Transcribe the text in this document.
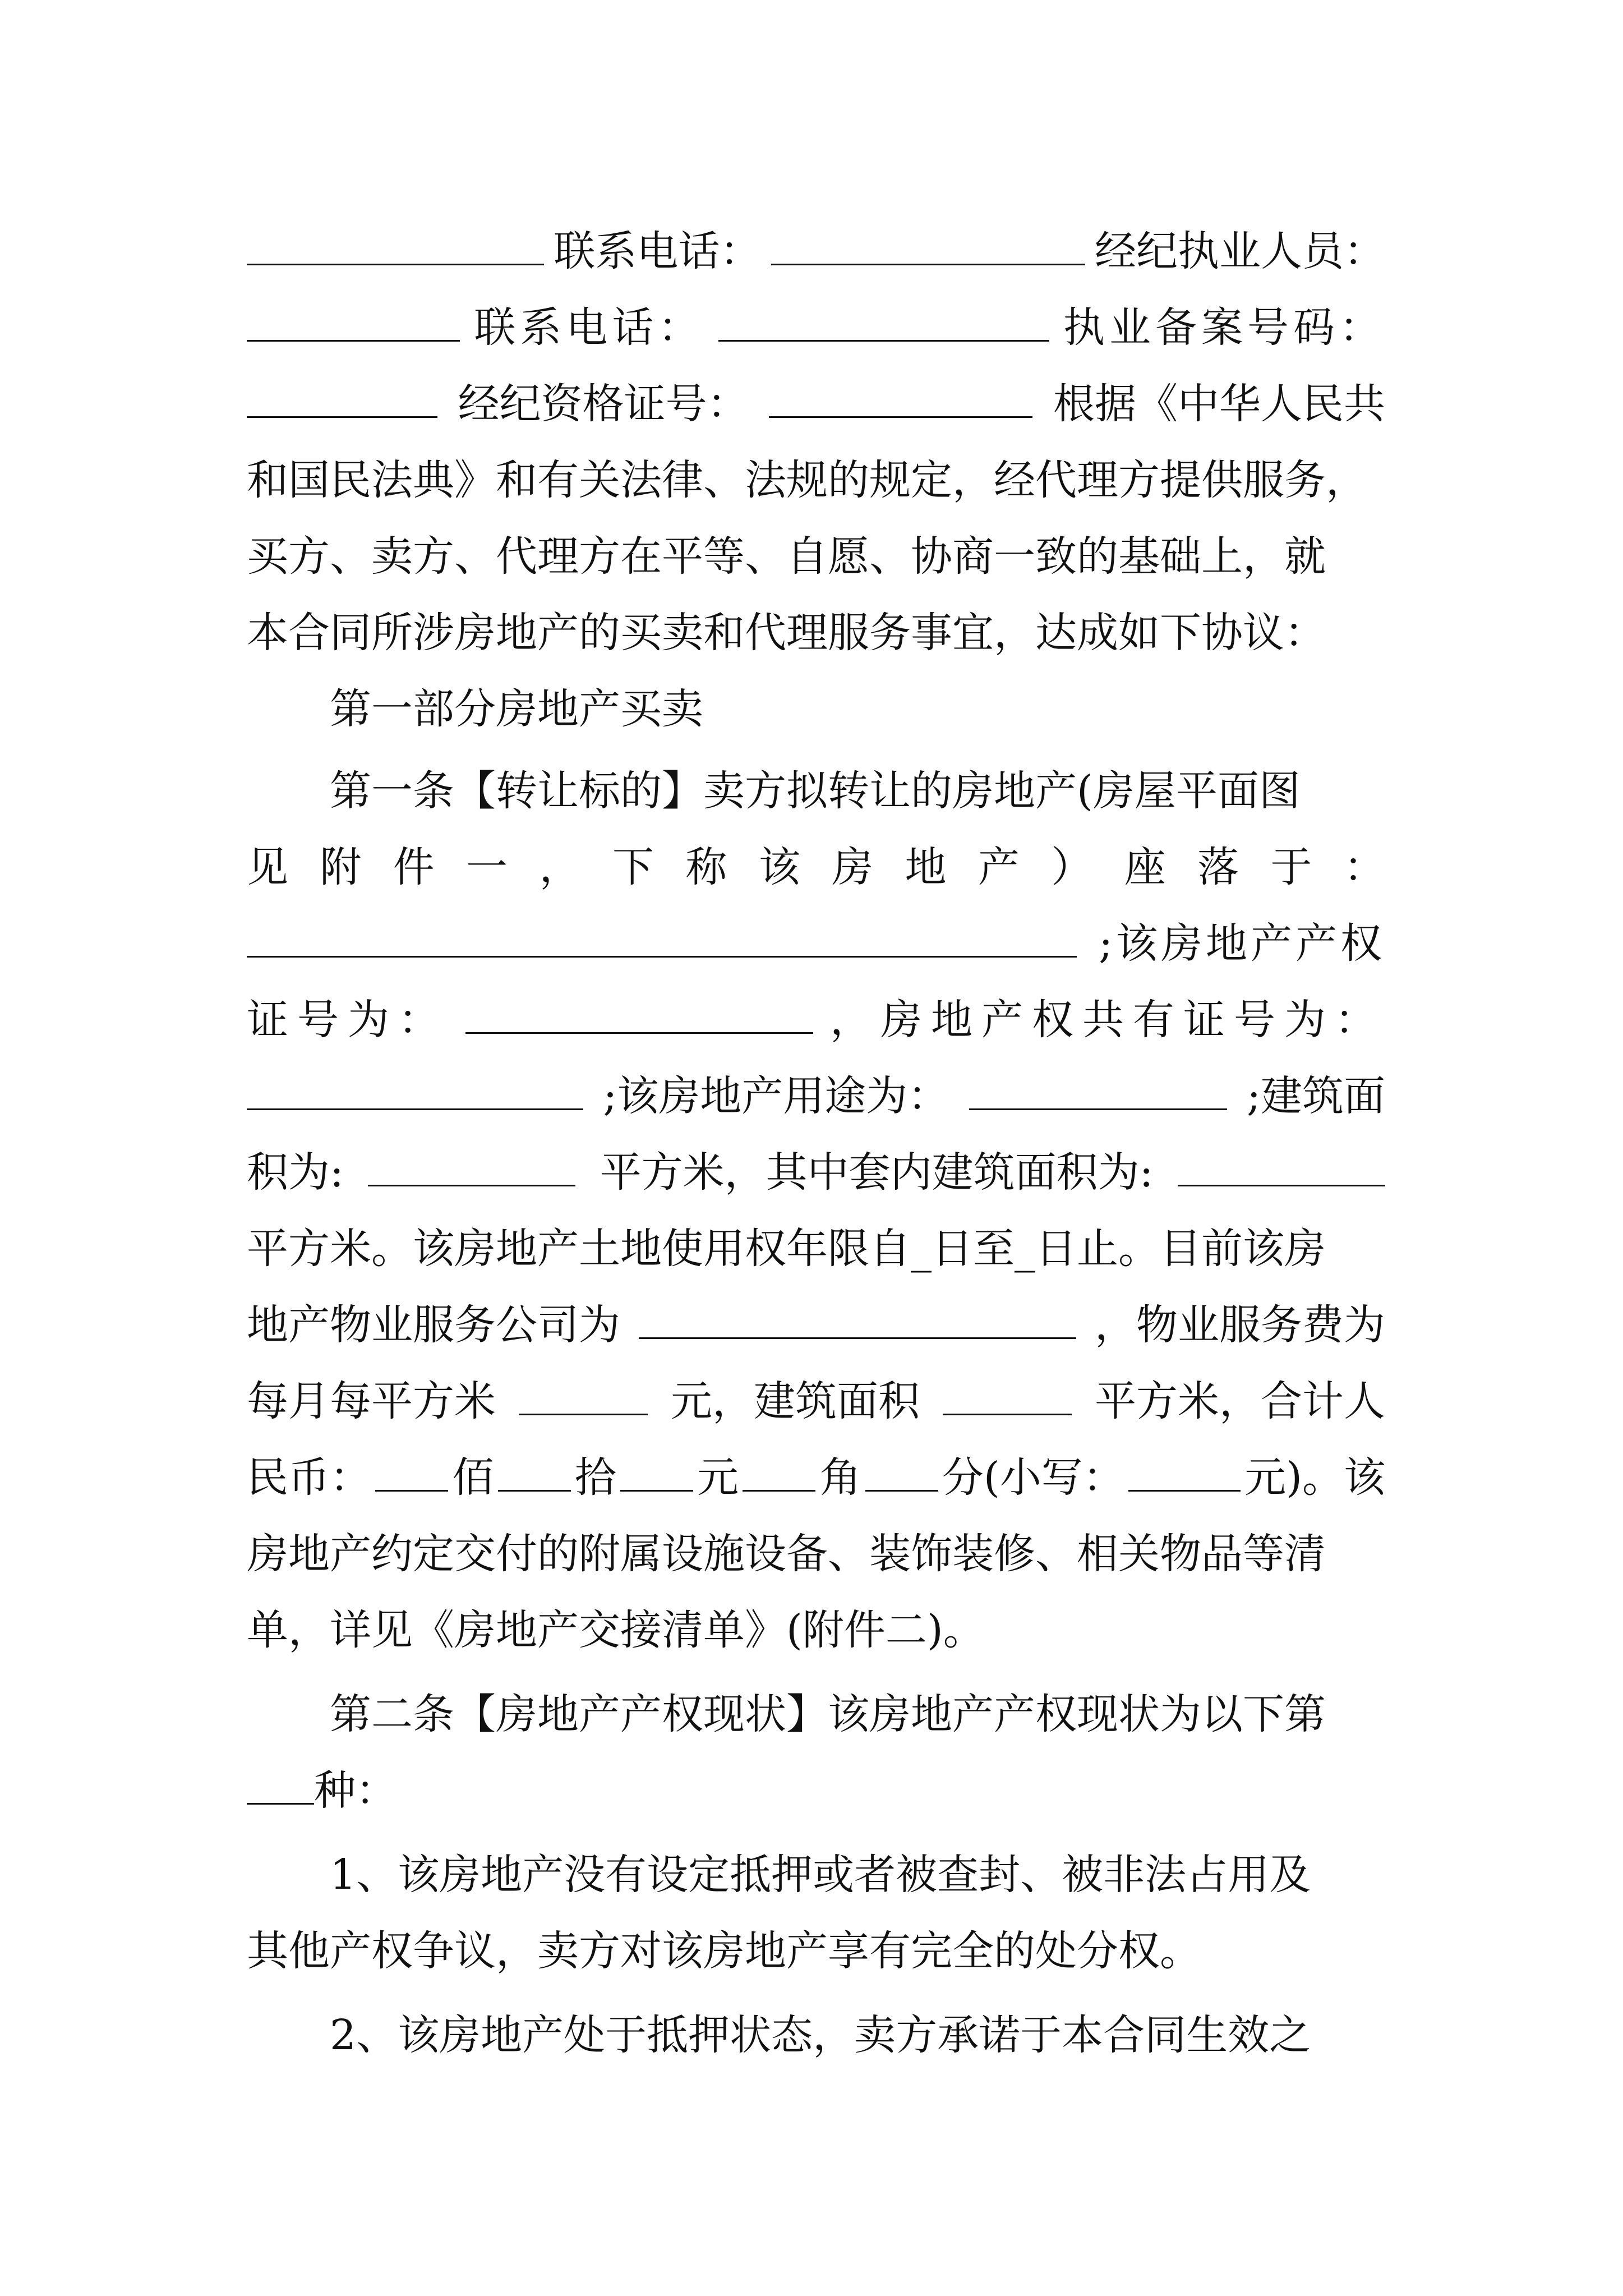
联系电话：	经纪执业人员：
联系电话：	执业备案号码：
经纪资格证号：	根据《中华人民共
和国民法典》和有关法律、法规的规定，经代理方提供服务，
买方、卖方、代理方在平等、自愿、协商一致的基础上，就
本合同所涉房地产的买卖和代理服务事宜，达成如下协议：
第一部分房地产买卖
第一条【转让标的】卖方拟转让的房地产(房屋平面图
见 附 件 一 ， 下 称 该 房 地 产 ） 座 落 于 ：
;该房地产产权
证号为：	，房地产权共有证号为：
;该房地产用途为：	;建筑面
积为:	平方米，其中套内建筑面积为:
平方米。该房地产土地使用权年限自_日至_日止。目前该房
地产物业服务公司为	，物业服务费为
每月每平方米	元，建筑面积	平方米，合计人
民币： 佰 拾 元 角 分(小写：	元)。该
房地产约定交付的附属设施设备、装饰装修、相关物品等清
单，详见《房地产交接清单》(附件二)。
第二条【房地产产权现状】该房地产产权现状为以下第
种：
1、该房地产没有设定抵押或者被查封、被非法占用及
其他产权争议，卖方对该房地产享有完全的处分权。
2、该房地产处于抵押状态，卖方承诺于本合同生效之
